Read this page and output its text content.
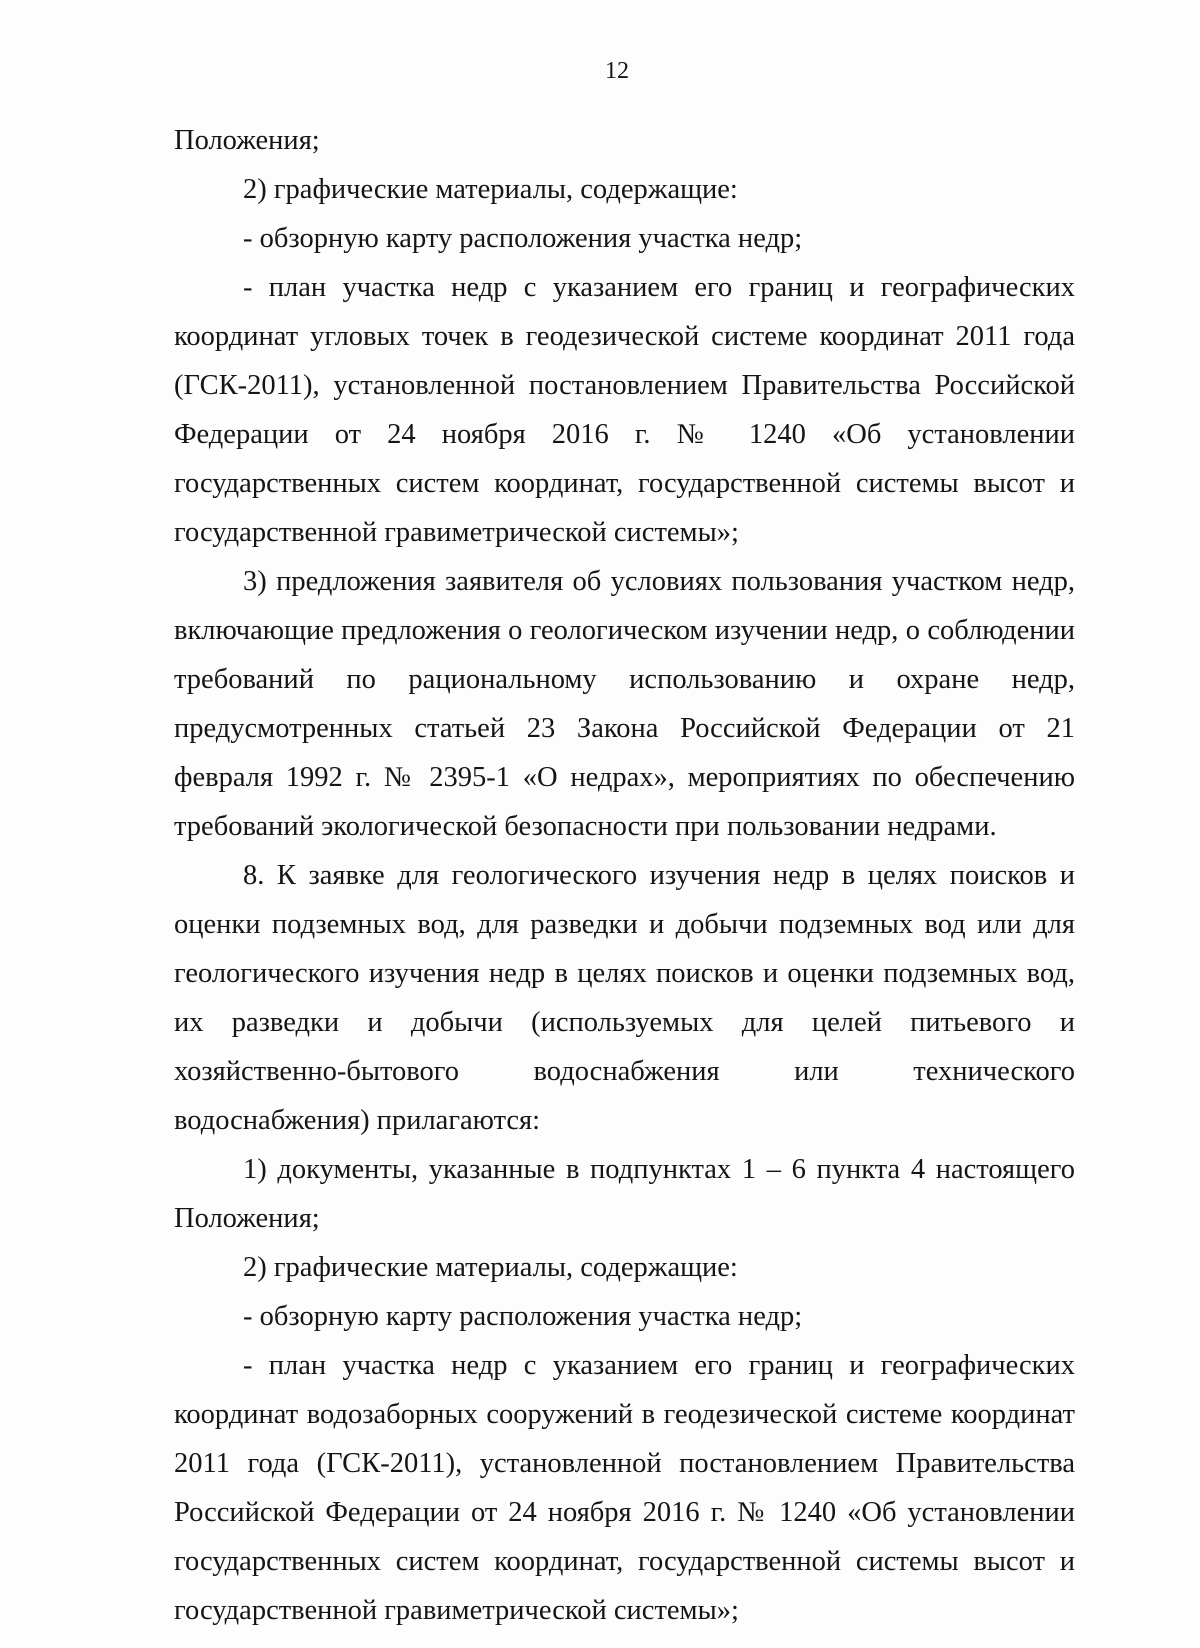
12

Положения;

2) графические материалы, содержащие:

- обзорную карту расположения участка недр;

- план участка недр с указанием его границ и географических координат угловых точек в геодезической системе координат 2011 года (ГСК-2011), установленной постановлением Правительства Российской Федерации от 24 ноября 2016 г. № 1240 «Об установлении государственных систем координат, государственной системы высот и государственной гравиметрической системы»;

3) предложения заявителя об условиях пользования участком недр, включающие предложения о геологическом изучении недр, о соблюдении требований по рациональному использованию и охране недр, предусмотренных статьей 23 Закона Российской Федерации от 21 февраля 1992 г. № 2395-1 «О недрах», мероприятиях по обеспечению требований экологической безопасности при пользовании недрами.

8. К заявке для геологического изучения недр в целях поисков и оценки подземных вод, для разведки и добычи подземных вод или для геологического изучения недр в целях поисков и оценки подземных вод, их разведки и добычи (используемых для целей питьевого и хозяйственно-бытового водоснабжения или технического водоснабжения) прилагаются:

1) документы, указанные в подпунктах 1 – 6 пункта 4 настоящего Положения;

2) графические материалы, содержащие:

- обзорную карту расположения участка недр;

- план участка недр с указанием его границ и географических координат водозаборных сооружений в геодезической системе координат 2011 года (ГСК-2011), установленной постановлением Правительства Российской Федерации от 24 ноября 2016 г. № 1240 «Об установлении государственных систем координат, государственной системы высот и государственной гравиметрической системы»;
